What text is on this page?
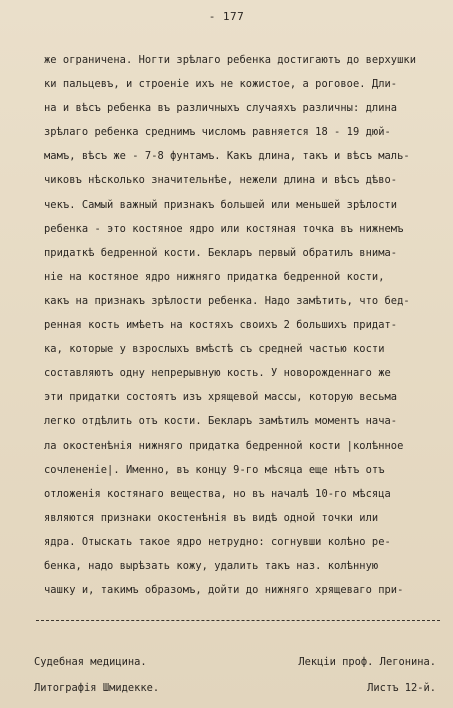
- 177
же ограничена. Ногти зрѣлаго ребенка достигаютъ до верхушки
ки пальцевъ, и строеніе ихъ не кожистое, а роговое. Дли-
на и вѣсъ ребенка въ различныхъ случаяхъ различны: длина
зрѣлаго ребенка среднимъ числомъ равняется 18 - 19 дюй-
мамъ, вѣсъ же - 7-8 фунтамъ. Какъ длина, такъ и вѣсъ маль-
чиковъ нѣсколько значительнѣе, нежели длина и вѣсъ дѣво-
чекъ. Самый важный признакъ большей или меньшей зрѣлости
ребенка - это костяное ядро или костяная точка въ нижнемъ
придаткѣ бедренной кости. Бекларъ первый обратилъ внима-
ніе на костяное ядро нижняго придатка бедренной кости,
какъ на признакъ зрѣлости ребенка. Надо замѣтить, что бед-
ренная кость имѣетъ на костяхъ своихъ 2 большихъ придат-
ка, которые у взрослыхъ вмѣстѣ съ средней частью кости
составляютъ одну непрерывную кость. У новорожденнаго же
эти придатки состоятъ изъ хрящевой массы, которую весьма
легко отдѣлить отъ кости. Бекларъ замѣтилъ моментъ нача-
ла окостенѣнія нижняго придатка бедренной кости |колѣнное
сочлененіе|. Именно, въ концу 9-го мѣсяца еще нѣтъ отъ
отложенія костянаго вещества, но въ началѣ 10-го мѣсяца
являются признаки окостенѣнія въ видѣ одной точки или
ядра. Отыскать такое ядро нетрудно: согнувши колѣно ре-
бенка, надо вырѣзать кожу, удалить такъ наз. колѣнную
чашку и, такимъ образомъ, дойти до нижняго хрящеваго при-
Судебная медицина.	Лекціи проф. Легонина.
Литографія Шмидекке.	Листъ 12-й.
